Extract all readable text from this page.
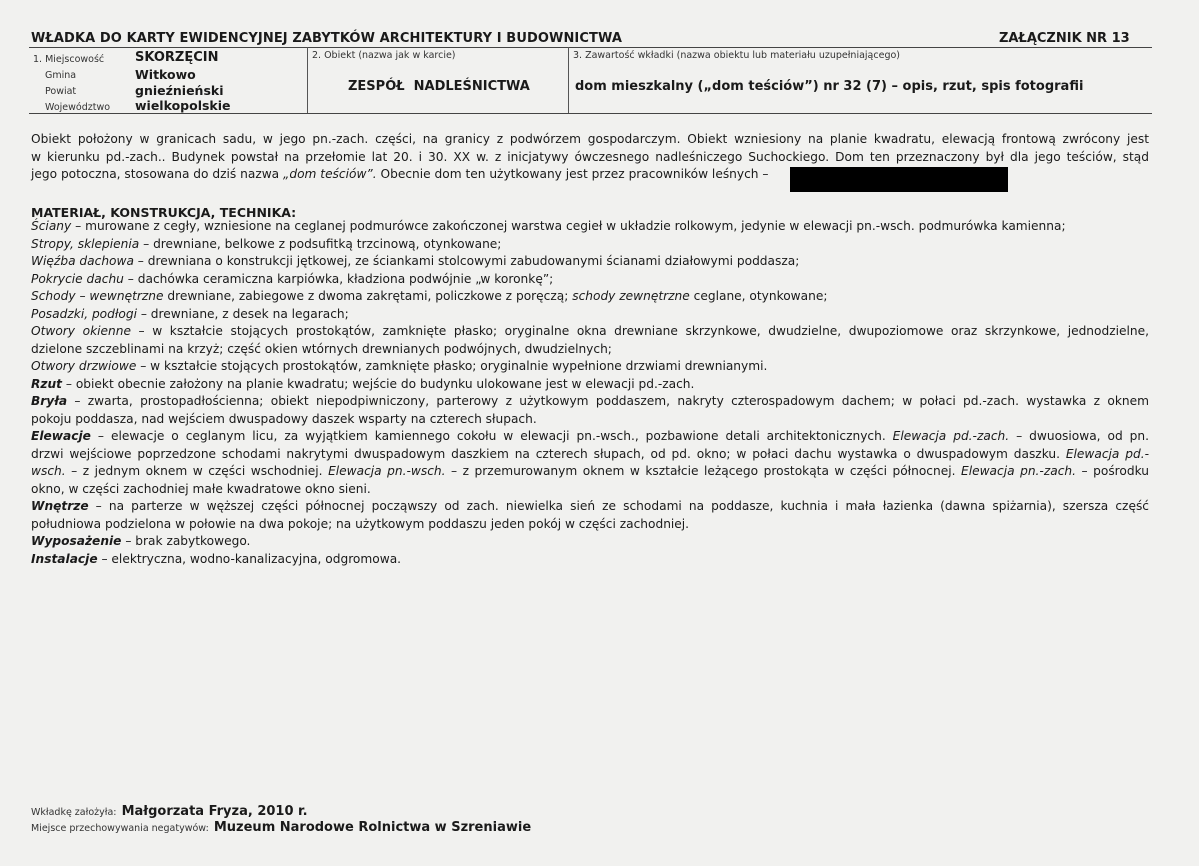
WŁADKA DO KARTY EWIDENCYJNEJ ZABYTKÓW ARCHITEKTURY I BUDOWNICTWA	ZAŁĄCZNIK NR 13
1. Miejscowość SKORZĘCIN
Gmina	Witkowo
Powiat	gnieźnieński
Województwo wielkopolskie
2. Obiekt (nazwa jak w karcie)
ZESPÓŁ  NADLEŚNICTWA
3. Zawartość wkładki (nazwa obiektu lub materiału uzupełniającego)
dom mieszkalny („dom teściów”) nr 32 (7) – opis, rzut, spis fotografii
Obiekt położony w granicach sadu, w jego pn.-zach. części, na granicy z podwórzem gospodarczym. Obiekt wzniesiony na planie kwadratu, elewacją frontową zwrócony jest
w kierunku pd.-zach.. Budynek powstał na przełomie lat 20. i 30. XX w. z inicjatywy ówczesnego nadleśniczego Suchockiego. Dom ten przeznaczony był dla jego teściów, stąd
jego potoczna, stosowana do dziś nazwa „dom teściów”. Obecnie dom ten użytkowany jest przez pracowników leśnych –
MATERIAŁ, KONSTRUKCJA, TECHNIKA:
Ściany – murowane z cegły, wzniesione na ceglanej podmurówce zakończonej warstwa cegieł w układzie rolkowym, jedynie w elewacji pn.-wsch. podmurówka kamienna;
Stropy, sklepienia – drewniane, belkowe z podsufitką trzcinową, otynkowane;
Więźba dachowa – drewniana o konstrukcji jętkowej, ze ściankami stolcowymi zabudowanymi ścianami działowymi poddasza;
Pokrycie dachu – dachówka ceramiczna karpiówka, kładziona podwójnie „w koronkę”;
Schody – wewnętrzne drewniane, zabiegowe z dwoma zakrętami, policzkowe z poręczą; schody zewnętrzne ceglane, otynkowane;
Posadzki, podłogi – drewniane, z desek na legarach;
Otwory okienne – w kształcie stojących prostokątów, zamknięte płasko; oryginalne okna drewniane skrzynkowe, dwudzielne, dwupoziomowe oraz skrzynkowe, jednodzielne,
dzielone szczeblinami na krzyż; część okien wtórnych drewnianych podwójnych, dwudzielnych;
Otwory drzwiowe – w kształcie stojących prostokątów, zamknięte płasko; oryginalnie wypełnione drzwiami drewnianymi.
Rzut – obiekt obecnie założony na planie kwadratu; wejście do budynku ulokowane jest w elewacji pd.-zach.
Bryła – zwarta, prostopadłościenna; obiekt niepodpiwniczony, parterowy z użytkowym poddaszem, nakryty czterospadowym dachem; w połaci pd.-zach. wystawka z oknem
pokoju poddasza, nad wejściem dwuspadowy daszek wsparty na czterech słupach.
Elewacje – elewacje o ceglanym licu, za wyjątkiem kamiennego cokołu w elewacji pn.-wsch., pozbawione detali architektonicznych. Elewacja pd.-zach. – dwuosiowa, od pn.
drzwi wejściowe poprzedzone schodami nakrytymi dwuspadowym daszkiem na czterech słupach, od pd. okno; w połaci dachu wystawka o dwuspadowym daszku. Elewacja pd.-
wsch. – z jednym oknem w części wschodniej. Elewacja pn.-wsch. – z przemurowanym oknem w kształcie leżącego prostokąta w części północnej. Elewacja pn.-zach. – pośrodku
okno, w części zachodniej małe kwadratowe okno sieni.
Wnętrze – na parterze w węższej części północnej począwszy od zach. niewielka sień ze schodami na poddasze, kuchnia i mała łazienka (dawna spiżarnia), szersza część
południowa podzielona w połowie na dwa pokoje; na użytkowym poddaszu jeden pokój w części zachodniej.
Wyposażenie – brak zabytkowego.
Instalacje – elektryczna, wodno-kanalizacyjna, odgromowa.
Wkładkę założyła: Małgorzata Fryza, 2010 r.
Miejsce przechowywania negatywów: Muzeum Narodowe Rolnictwa w Szreniawie
